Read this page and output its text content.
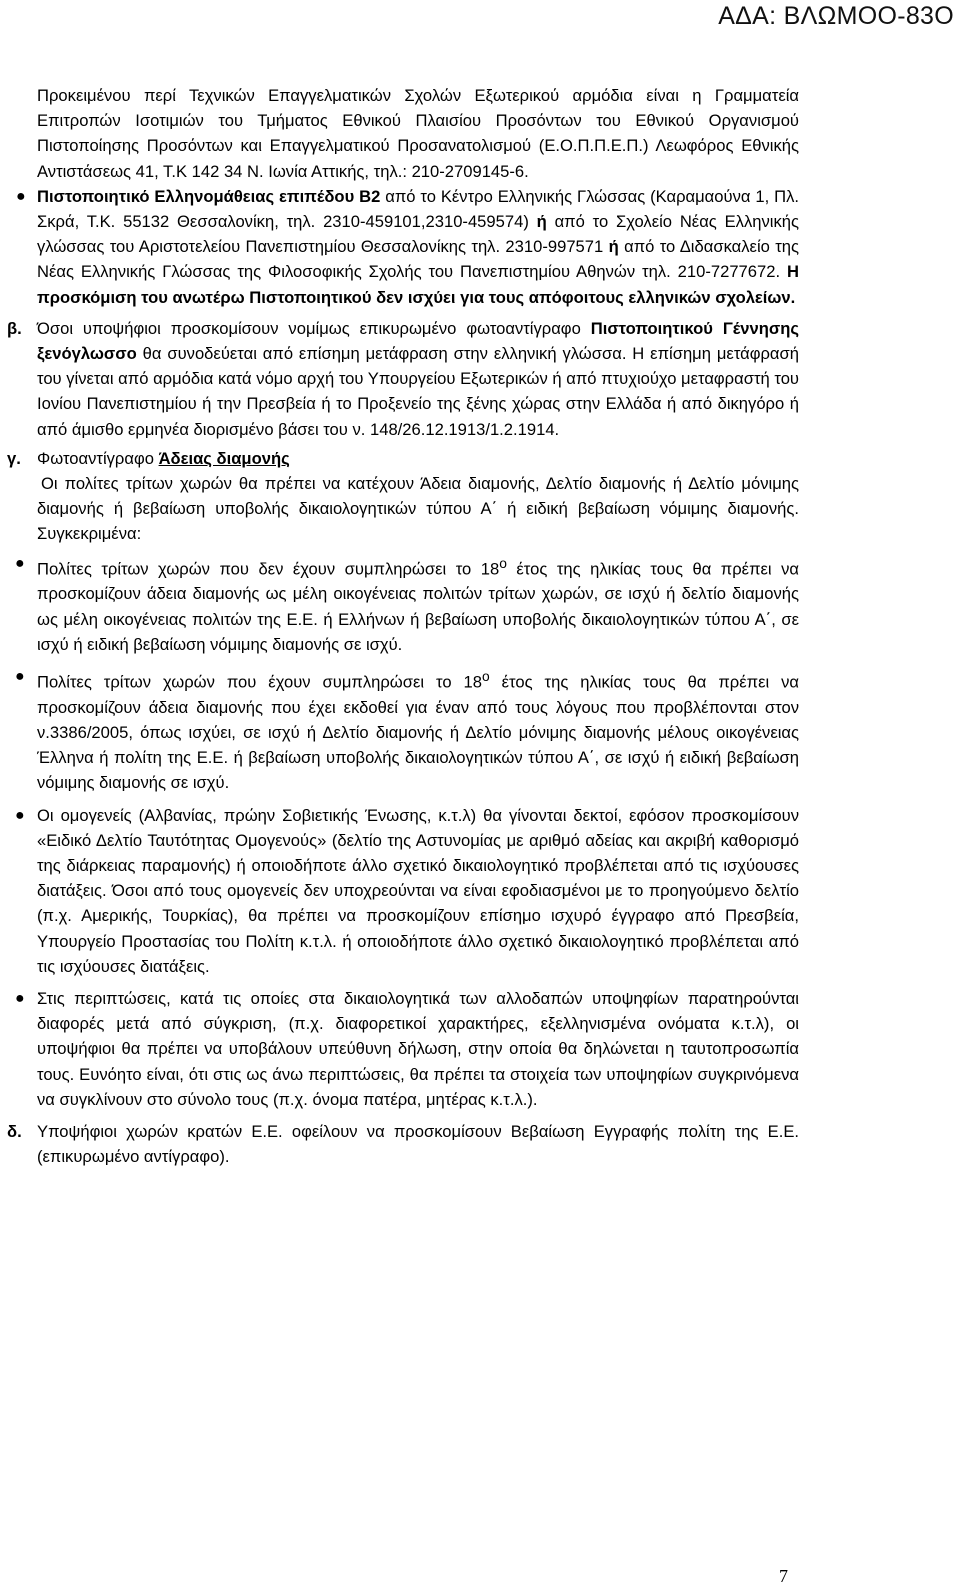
ΑΔΑ: ΒΛΩΜΟΟ-83Ο

Προκειμένου περί Τεχνικών Επαγγελματικών Σχολών Εξωτερικού αρμόδια είναι η Γραμματεία Επιτροπών Ισοτιμιών του Τμήματος Εθνικού Πλαισίου Προσόντων του Εθνικού Οργανισμού Πιστοποίησης Προσόντων και Επαγγελματικού Προσανατολισμού (Ε.Ο.Π.Π.Ε.Π.) Λεωφόρος Εθνικής Αντιστάσεως 41, Τ.Κ 142 34 Ν. Ιωνία Αττικής, τηλ.: 210-2709145-6.

● Πιστοποιητικό Ελληνομάθειας επιπέδου Β2 από το Κέντρο Ελληνικής Γλώσσας (Καραμαούνα 1, Πλ. Σκρά, Τ.Κ. 55132 Θεσσαλονίκη, τηλ. 2310-459101,2310-459574) ή από το Σχολείο Νέας Ελληνικής γλώσσας του Αριστοτελείου Πανεπιστημίου Θεσσαλονίκης τηλ. 2310-997571 ή από το Διδασκαλείο της Νέας Ελληνικής Γλώσσας της Φιλοσοφικής Σχολής του Πανεπιστημίου Αθηνών τηλ. 210-7277672. Η προσκόμιση του ανωτέρω Πιστοποιητικού δεν ισχύει για τους απόφοιτους ελληνικών σχολείων.

β. Όσοι υποψήφιοι προσκομίσουν νομίμως επικυρωμένο φωτοαντίγραφο Πιστοποιητικού Γέννησης ξενόγλωσσο θα συνοδεύεται από επίσημη μετάφραση στην ελληνική γλώσσα. Η επίσημη μετάφρασή του γίνεται από αρμόδια κατά νόμο αρχή του Υπουργείου Εξωτερικών ή από πτυχιούχο μεταφραστή του Ιονίου Πανεπιστημίου ή την Πρεσβεία ή το Προξενείο της ξένης χώρας στην Ελλάδα ή από δικηγόρο ή από άμισθο ερμηνέα διορισμένο βάσει του ν. 148/26.12.1913/1.2.1914.

γ. Φωτοαντίγραφο Άδειας διαμονής

Οι πολίτες τρίτων χωρών θα πρέπει να κατέχουν Άδεια διαμονής, Δελτίο διαμονής ή Δελτίο μόνιμης διαμονής ή βεβαίωση υποβολής δικαιολογητικών τύπου Α΄ ή ειδική βεβαίωση νόμιμης διαμονής. Συγκεκριμένα:

● Πολίτες τρίτων χωρών που δεν έχουν συμπληρώσει το $18^o$ έτος της ηλικίας τους θα πρέπει να προσκομίζουν άδεια διαμονής ως μέλη οικογένειας πολιτών τρίτων χωρών, σε ισχύ ή δελτίο διαμονής ως μέλη οικογένειας πολιτών της Ε.Ε. ή Ελλήνων ή βεβαίωση υποβολής δικαιολογητικών τύπου Α΄, σε ισχύ ή ειδική βεβαίωση νόμιμης διαμονής σε ισχύ.

● Πολίτες τρίτων χωρών που έχουν συμπληρώσει το $18^o$ έτος της ηλικίας τους θα πρέπει να προσκομίζουν άδεια διαμονής που έχει εκδοθεί για έναν από τους λόγους που προβλέπονται στον ν.3386/2005, όπως ισχύει, σε ισχύ ή Δελτίο διαμονής ή Δελτίο μόνιμης διαμονής μέλους οικογένειας Έλληνα ή πολίτη της Ε.Ε. ή βεβαίωση υποβολής δικαιολογητικών τύπου Α΄, σε ισχύ ή ειδική βεβαίωση νόμιμης διαμονής σε ισχύ.

● Οι ομογενείς (Αλβανίας, πρώην Σοβιετικής Ένωσης, κ.τ.λ) θα γίνονται δεκτοί, εφόσον προσκομίσουν «Ειδικό Δελτίο Ταυτότητας Ομογενούς» (δελτίο της Αστυνομίας με αριθμό αδείας και ακριβή καθορισμό της διάρκειας παραμονής) ή οποιοδήποτε άλλο σχετικό δικαιολογητικό προβλέπεται από τις ισχύουσες διατάξεις. Όσοι από τους ομογενείς δεν υποχρεούνται να είναι εφοδιασμένοι με το προηγούμενο δελτίο (π.χ. Αμερικής, Τουρκίας), θα πρέπει να προσκομίζουν επίσημο ισχυρό έγγραφο από Πρεσβεία, Υπουργείο Προστασίας του Πολίτη κ.τ.λ. ή οποιοδήποτε άλλο σχετικό δικαιολογητικό προβλέπεται από τις ισχύουσες διατάξεις.

● Στις περιπτώσεις, κατά τις οποίες στα δικαιολογητικά των αλλοδαπών υποψηφίων παρατηρούνται διαφορές μετά από σύγκριση, (π.χ. διαφορετικοί χαρακτήρες, εξελληνισμένα ονόματα κ.τ.λ), οι υποψήφιοι θα πρέπει να υποβάλουν υπεύθυνη δήλωση, στην οποία θα δηλώνεται η ταυτοπροσωπία τους. Ευνόητο είναι, ότι στις ως άνω περιπτώσεις, θα πρέπει τα στοιχεία των υποψηφίων συγκρινόμενα να συγκλίνουν στο σύνολο τους (π.χ. όνομα πατέρα, μητέρας κ.τ.λ.).

δ. Υποψήφιοι χωρών κρατών Ε.Ε. οφείλουν να προσκομίσουν Βεβαίωση Εγγραφής πολίτη της Ε.Ε. (επικυρωμένο αντίγραφο).

7
